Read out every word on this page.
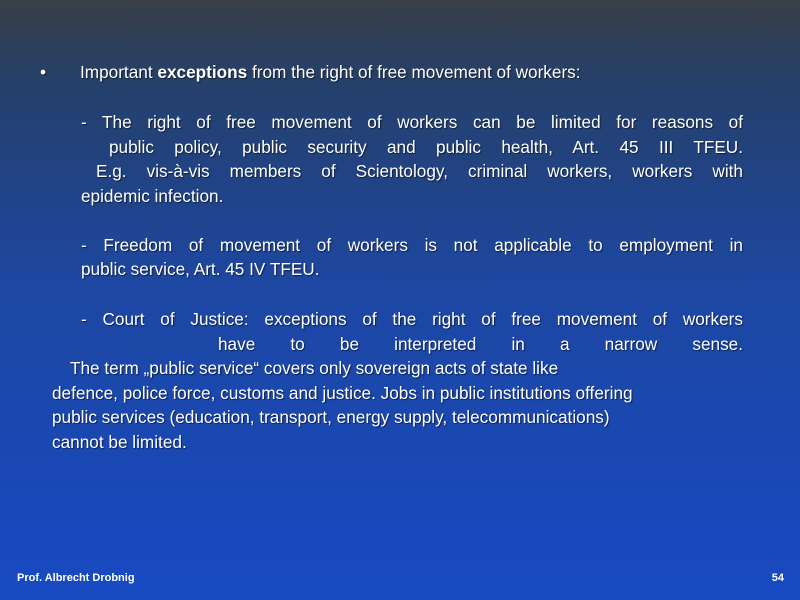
• Important exceptions from the right of free movement of workers:
- The right of free movement of workers can be limited for reasons of
public policy, public security and public health, Art. 45 III TFEU.
E.g. vis-à-vis members of Scientology, criminal workers, workers with
epidemic infection.
- Freedom of movement of workers is not applicable to employment in
public service, Art. 45 IV TFEU.
- Court of Justice: exceptions of the right of free movement of workers
have to be interpreted in a narrow sense.
The term „public service“ covers only sovereign acts of state like
defence, police force, customs and justice. Jobs in public institutions offering
public services (education, transport, energy supply, telecommunications)
cannot be limited.
Prof. Albrecht Drobnig	54
